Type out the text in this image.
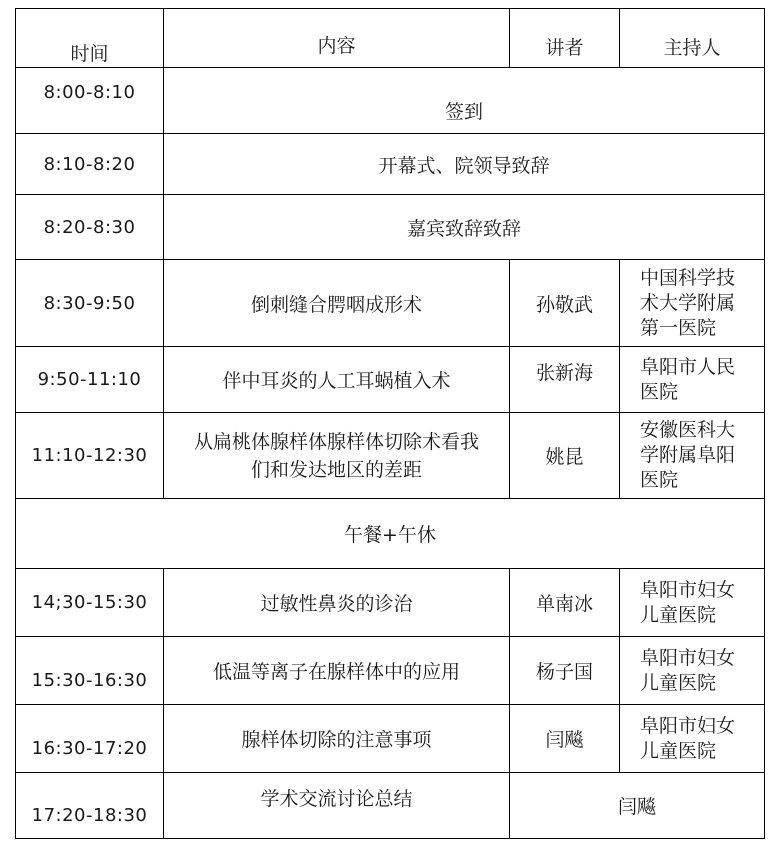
时间	内容	讲者	主持人
8:00-8:10	签到		
8:10-8:20	开幕式、院领导致辞		
8:20-8:30	嘉宾致辞致辞		
8:30-9:50	倒刺缝合腭咽成形术	孙敬武	中国科学技
术大学附属
第一医院
9:50-11:10	伴中耳炎的人工耳蜗植入术	张新海	阜阳市人民
医院
11:10-12:30	从扁桃体腺样体腺样体切除术看我
们和发达地区的差距	姚昆	安徽医科大
学附属阜阳
医院
午餐+午休			
14;30-15:30	过敏性鼻炎的诊治	单南冰	阜阳市妇女
儿童医院
15:30-16:30	低温等离子在腺样体中的应用	杨子国	阜阳市妇女
儿童医院
16:30-17:20	腺样体切除的注意事项	闫飚	阜阳市妇女
儿童医院
17:20-18:30	学术交流讨论总结	闫飚	
